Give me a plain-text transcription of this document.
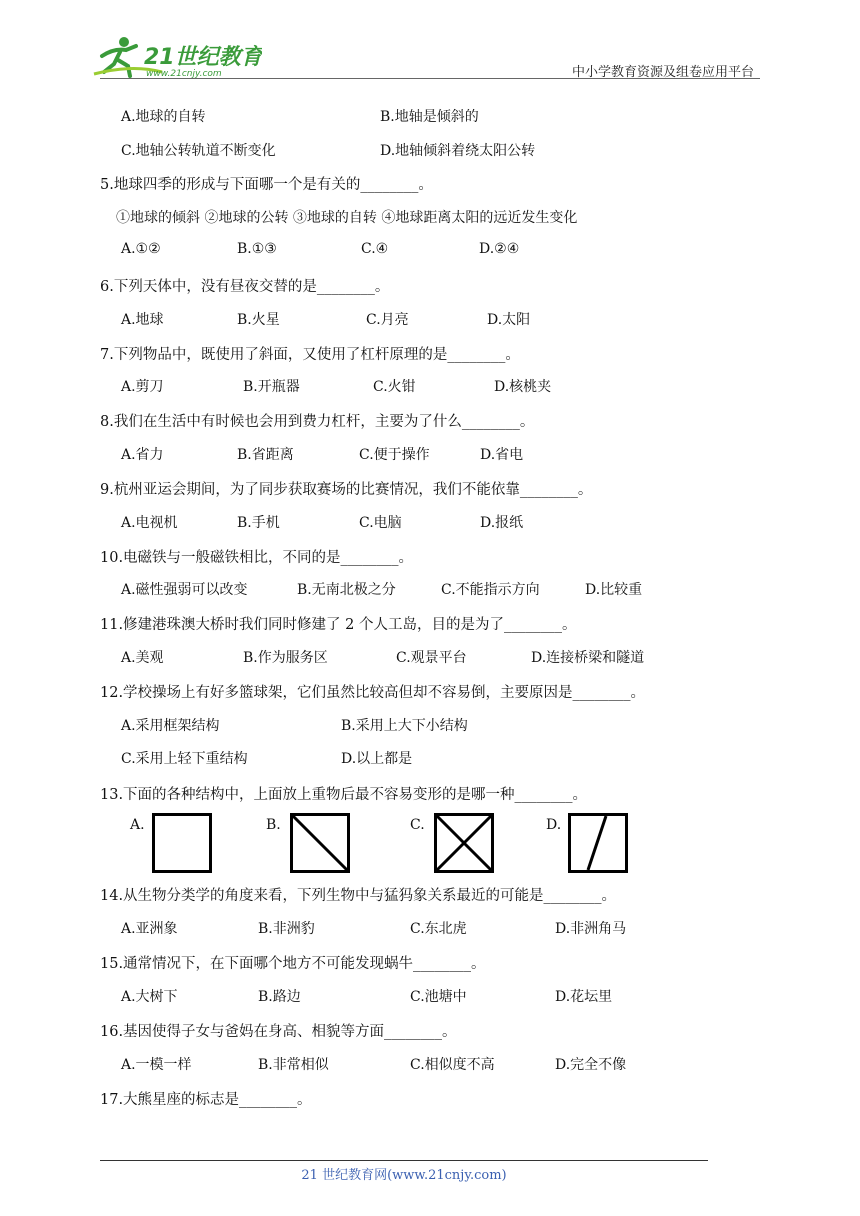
21世纪教育
www.21cnjy.com	中小学教育资源及组卷应用平台
A.地球的自转	B.地轴是倾斜的
C.地轴公转轨道不断变化	D.地轴倾斜着绕太阳公转
5.地球四季的形成与下面哪一个是有关的________。
①地球的倾斜 ②地球的公转 ③地球的自转 ④地球距离太阳的远近发生变化
A.①②	B.①③	C.④	D.②④
6.下列天体中，没有昼夜交替的是________。
A.地球	B.火星	C.月亮	D.太阳
7.下列物品中，既使用了斜面，又使用了杠杆原理的是________。
A.剪刀	B.开瓶器	C.火钳	D.核桃夹
8.我们在生活中有时候也会用到费力杠杆，主要为了什么________。
A.省力	B.省距离	C.便于操作	D.省电
9.杭州亚运会期间，为了同步获取赛场的比赛情况，我们不能依靠________。
A.电视机	B.手机	C.电脑	D.报纸
10.电磁铁与一般磁铁相比，不同的是________。
A.磁性强弱可以改变	B.无南北极之分	C.不能指示方向	D.比较重
11.修建港珠澳大桥时我们同时修建了 2 个人工岛，目的是为了________。
A.美观	B.作为服务区	C.观景平台	D.连接桥梁和隧道
12.学校操场上有好多篮球架，它们虽然比较高但却不容易倒，主要原因是________。
A.采用框架结构	B.采用上大下小结构
C.采用上轻下重结构	D.以上都是
13.下面的各种结构中，上面放上重物后最不容易变形的是哪一种________。
A.	B.	C.	D.
14.从生物分类学的角度来看，下列生物中与猛犸象关系最近的可能是________。
A.亚洲象	B.非洲豹	C.东北虎	D.非洲角马
15.通常情况下，在下面哪个地方不可能发现蜗牛________。
A.大树下	B.路边	C.池塘中	D.花坛里
16.基因使得子女与爸妈在身高、相貌等方面________。
A.一模一样	B.非常相似	C.相似度不高	D.完全不像
17.大熊星座的标志是________。
21 世纪教育网(www.21cnjy.com)
